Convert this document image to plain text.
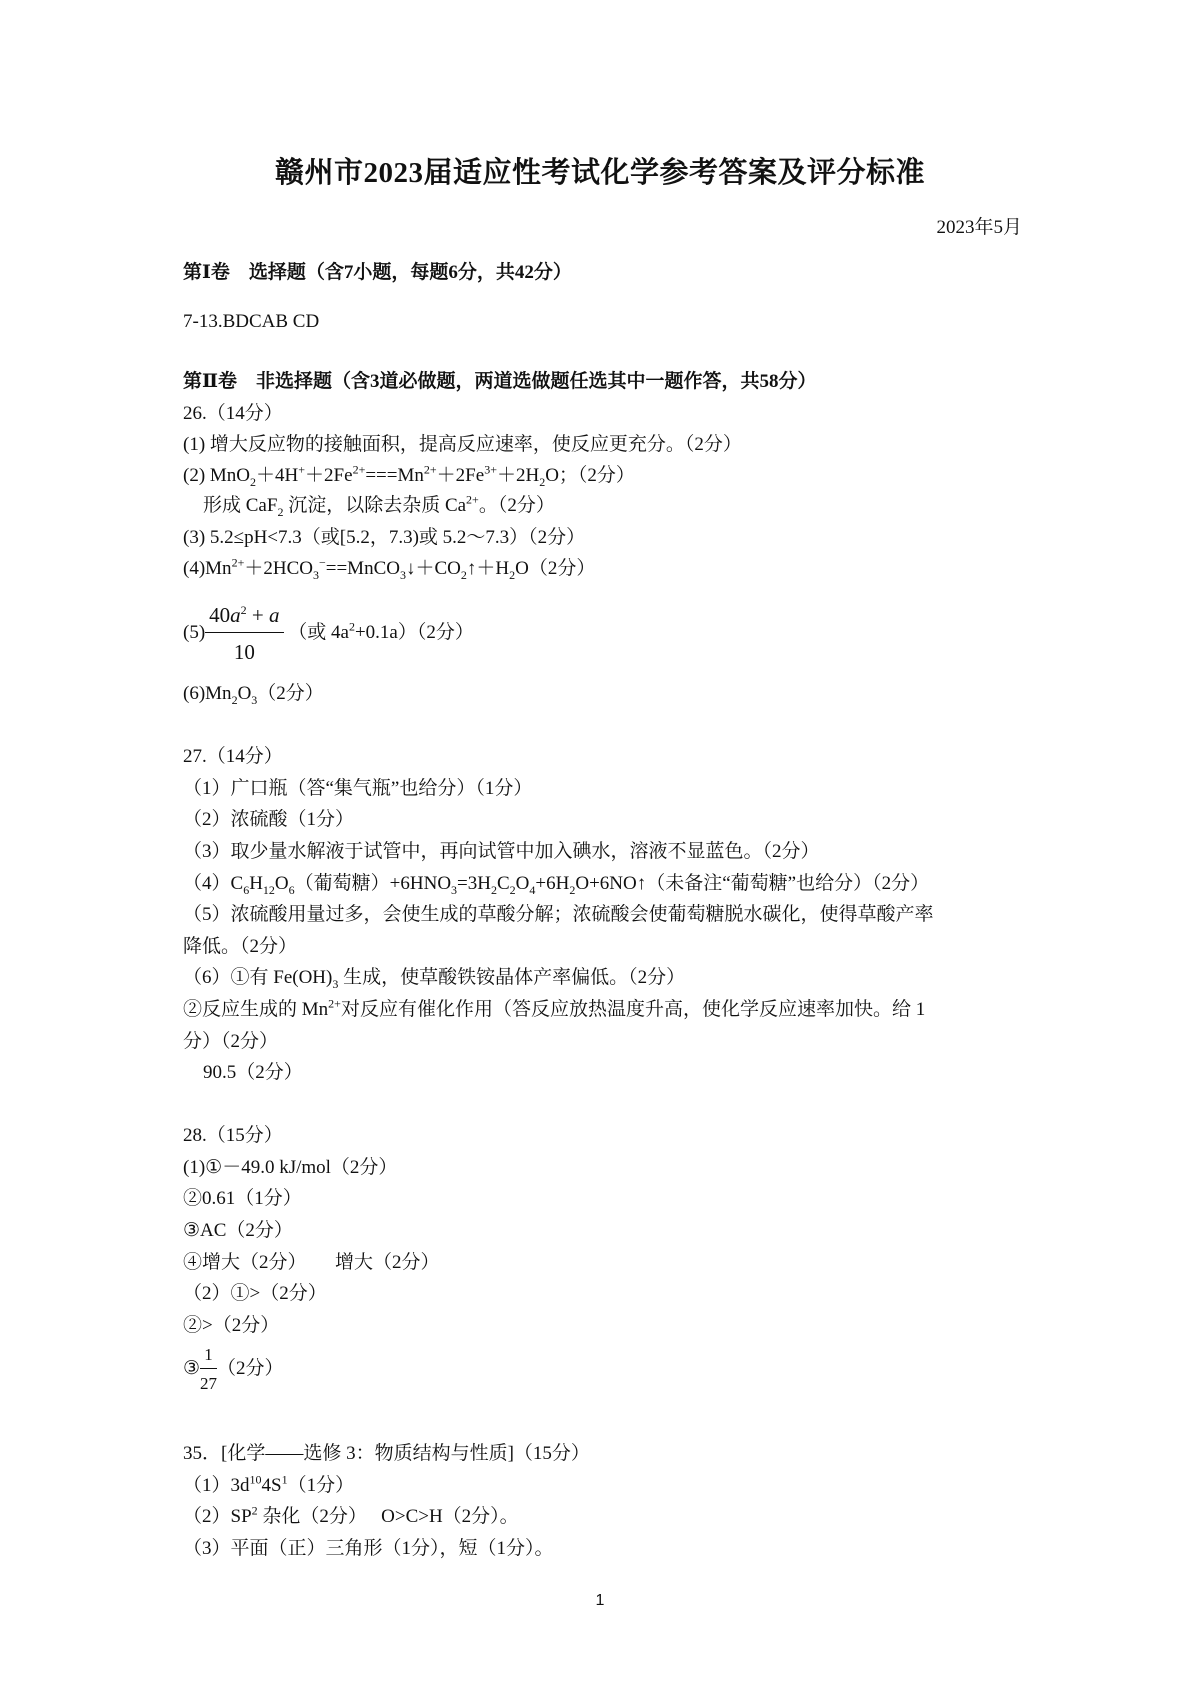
赣州市2023届适应性考试化学参考答案及评分标准
2023年5月
第Ⅰ卷　选择题（含7小题，每题6分，共42分）
7-13.BDCAB CD
第Ⅱ卷　非选择题（含3道必做题，两道选做题任选其中一题作答，共58分）
26.（14分）
(1) 增大反应物的接触面积，提高反应速率，使反应更充分。（2分）
(2) $MnO_2+4H^++2Fe^{2+}===Mn^{2+}+2Fe^{3+}+2H_2O$；（2分）
形成 CaF$_2$ 沉淀，以除去杂质 $Ca^{2+}$。（2分）
(3) 5.2≤pH<7.3（或[5.2，7.3)或 5.2～7.3）（2分）
$(4)Mn^{2+}+2HCO_3^-==MnCO_3↓+CO_2↑+H_2O(2$分）
$(5) \frac{40a^2 + a}{10}$ （或 $4a^2+0.1a)(2$分）
$(6)Mn_2O_3(2$分）
27.（14分）
（1）广口瓶（答“集气瓶”也给分）（1分）
（2）浓硫酸（1分）
（3）取少量水解液于试管中，再向试管中加入碘水，溶液不显蓝色。（2分）
$(4)C_6H_{12}O_6$（葡萄糖）$+6HNO_3=3H_2C_2O_4+6H_2O+6NO↑$（未备注“葡萄糖”也给分）（2分）
（5）浓硫酸用量过多，会使生成的草酸分解；浓硫酸会使葡萄糖脱水碳化，使得草酸产率
降低。（2分）
（6）①有 $Fe(OH)_3$ 生成，使草酸铁铵晶体产率偏低。（2分）
②反应生成的 $Mn^{2+}$对反应有催化作用（答反应放热温度升高，使化学反应速率加快。给 1
分）（2分）
90.5（2分）
28.（15分）
(1)①－49.0 kJ/mol（2分）
②0.61（1分）
③AC（2分）
④增大（2分）　　增大（2分）
（2）①>（2分）
②>（2分）
③ $\frac{1}{27} (2$分）
35．[化学——选修 3：物质结构与性质]（15分）
$(1)3d^{10}4S^1(1$分）
$(2)SP^2$ 杂化（2分）　 O>C>H（2分）。
（3）平面（正）三角形（1分），短（1分）。
1
